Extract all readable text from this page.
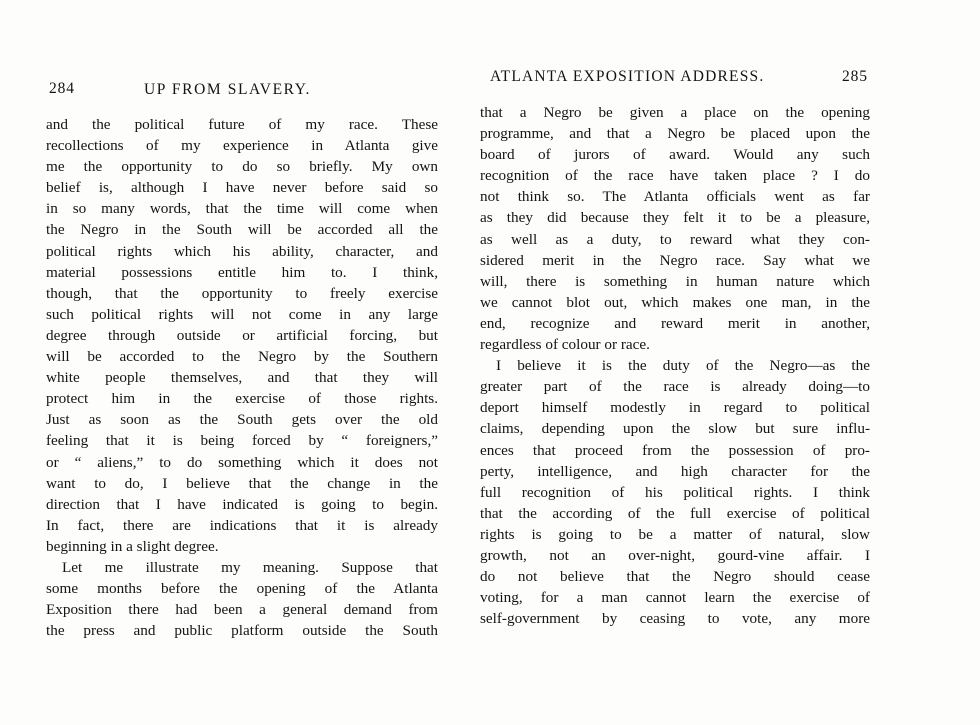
284	UP FROM SLAVERY.
and the political future of my race. These
recollections of my experience in Atlanta give
me the opportunity to do so briefly. My own
belief is, although I have never before said so
in so many words, that the time will come when
the Negro in the South will be accorded all the
political rights which his ability, character, and
material possessions entitle him to. I think,
though, that the opportunity to freely exercise
such political rights will not come in any large
degree through outside or artificial forcing, but
will be accorded to the Negro by the Southern
white people themselves, and that they will
protect him in the exercise of those rights.
Just as soon as the South gets over the old
feeling that it is being forced by “ foreigners,”
or “ aliens,” to do something which it does not
want to do, I believe that the change in the
direction that I have indicated is going to begin.
In fact, there are indications that it is already
beginning in a slight degree.
Let me illustrate my meaning. Suppose that
some months before the opening of the Atlanta
Exposition there had been a general demand from
the press and public platform outside the South
ATLANTA EXPOSITION ADDRESS.	285
that a Negro be given a place on the opening
programme, and that a Negro be placed upon the
board of jurors of award. Would any such
recognition of the race have taken place ? I do
not think so. The Atlanta officials went as far
as they did because they felt it to be a pleasure,
as well as a duty, to reward what they con-
sidered merit in the Negro race. Say what we
will, there is something in human nature which
we cannot blot out, which makes one man, in the
end, recognize and reward merit in another,
regardless of colour or race.
I believe it is the duty of the Negro—as the
greater part of the race is already doing—to
deport himself modestly in regard to political
claims, depending upon the slow but sure influ-
ences that proceed from the possession of pro-
perty, intelligence, and high character for the
full recognition of his political rights. I think
that the according of the full exercise of political
rights is going to be a matter of natural, slow
growth, not an over-night, gourd-vine affair. I
do not believe that the Negro should cease
voting, for a man cannot learn the exercise of
self-government by ceasing to vote, any more
